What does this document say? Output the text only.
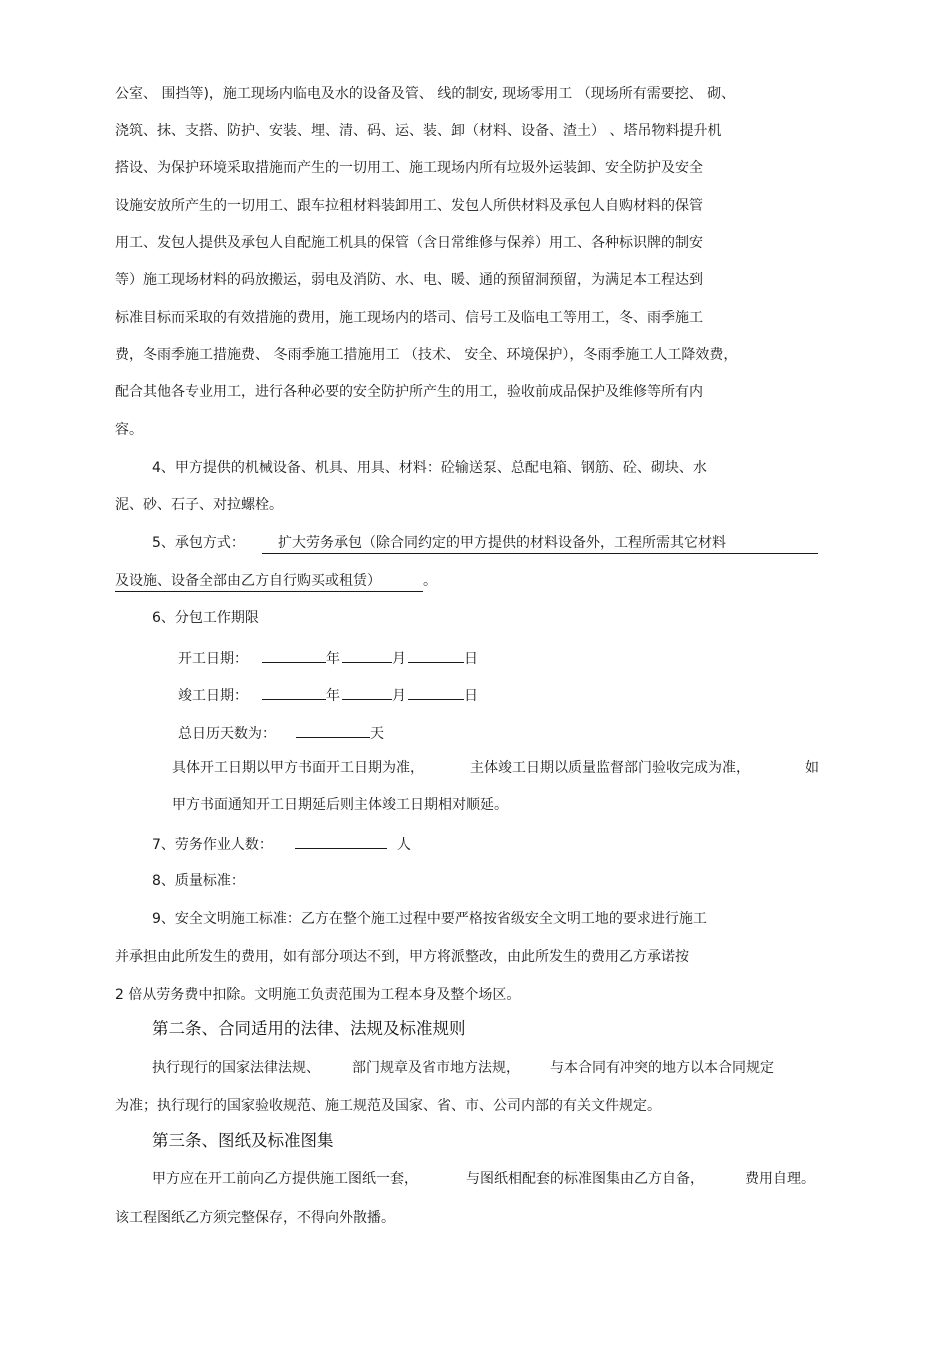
公室、 围挡等)，施工现场内临电及水的设备及管、 线的制安, 现场零用工 （现场所有需要挖、 砌、
浇筑、抹、支搭、防护、安装、埋、清、码、运、装、卸（材料、设备、渣土） 、塔吊物料提升机
搭设、为保护环境采取措施而产生的一切用工、施工现场内所有垃圾外运装卸、安全防护及安全
设施安放所产生的一切用工、跟车拉租材料装卸用工、发包人所供材料及承包人自购材料的保管
用工、发包人提供及承包人自配施工机具的保管（含日常维修与保养）用工、各种标识牌的制安
等）施工现场材料的码放搬运，弱电及消防、水、电、暖、通的预留洞预留，为满足本工程达到
标准目标而采取的有效措施的费用，施工现场内的塔司、信号工及临电工等用工，冬、雨季施工
费，冬雨季施工措施费、 冬雨季施工措施用工 （技术、 安全、环境保护），冬雨季施工人工降效费，
配合其他各专业用工，进行各种必要的安全防护所产生的用工，验收前成品保护及维修等所有内
容。
4、甲方提供的机械设备、机具、用具、材料：砼输送泵、总配电箱、钢筋、砼、砌块、水
泥、砂、石子、对拉螺栓。
5、承包方式：	扩大劳务承包（除合同约定的甲方提供的材料设备外，工程所需其它材料
及设施、设备全部由乙方自行购买或租赁）	。
6、分包工作期限
开工日期：	年	月	日
竣工日期：	年	月	日
总日历天数为：	天
具体开工日期以甲方书面开工日期为准，	主体竣工日期以质量监督部门验收完成为准，	如
甲方书面通知开工日期延后则主体竣工日期相对顺延。
7、劳务作业人数：	人
8、质量标准：
9、安全文明施工标准：乙方在整个施工过程中要严格按省级安全文明工地的要求进行施工
并承担由此所发生的费用，如有部分项达不到，甲方将派整改，由此所发生的费用乙方承诺按
2 倍从劳务费中扣除。文明施工负责范围为工程本身及整个场区。
第二条、合同适用的法律、法规及标准规则
执行现行的国家法律法规、 部门规章及省市地方法规， 与本合同有冲突的地方以本合同规定
为准；执行现行的国家验收规范、施工规范及国家、省、市、公司内部的有关文件规定。
第三条、图纸及标准图集
甲方应在开工前向乙方提供施工图纸一套，	与图纸相配套的标准图集由乙方自备，	费用自理。
该工程图纸乙方须完整保存，不得向外散播。
